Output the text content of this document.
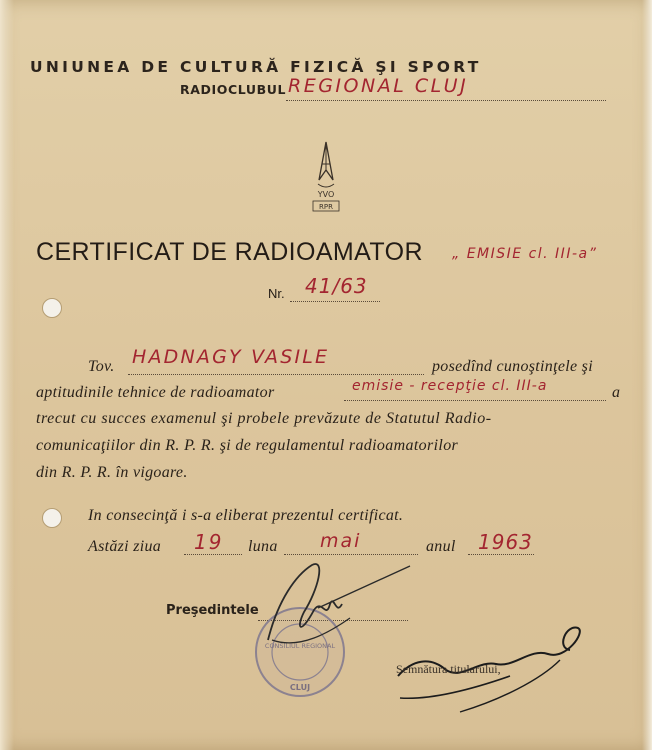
UNIUNEA DE CULTURĂ FIZICĂ ŞI SPORT
RADIOCLUBUL REGIONAL CLUJ
YVO
RPR
CERTIFICAT DE RADIOAMATOR „ EMISIE cl. III-a”
Nr. 41/63
Tov. HADNAGY VASILE	posedînd cunoştinţele şi
aptitudinile tehnice de radioamator	emisie - recepţie cl. III-a	a
trecut cu succes examenul şi probele prevăzute de Statutul Radio-
comunicaţiilor din R. P. R. şi de regulamentul radioamatorilor
din R. P. R. în vigoare.
In consecinţă i s-a eliberat prezentul certificat.
Astăzi ziua 19 luna mai	anul 1963
Preşedintele
CONSILIUL REGIONAL
CLUJ
Semnătura titularului,
